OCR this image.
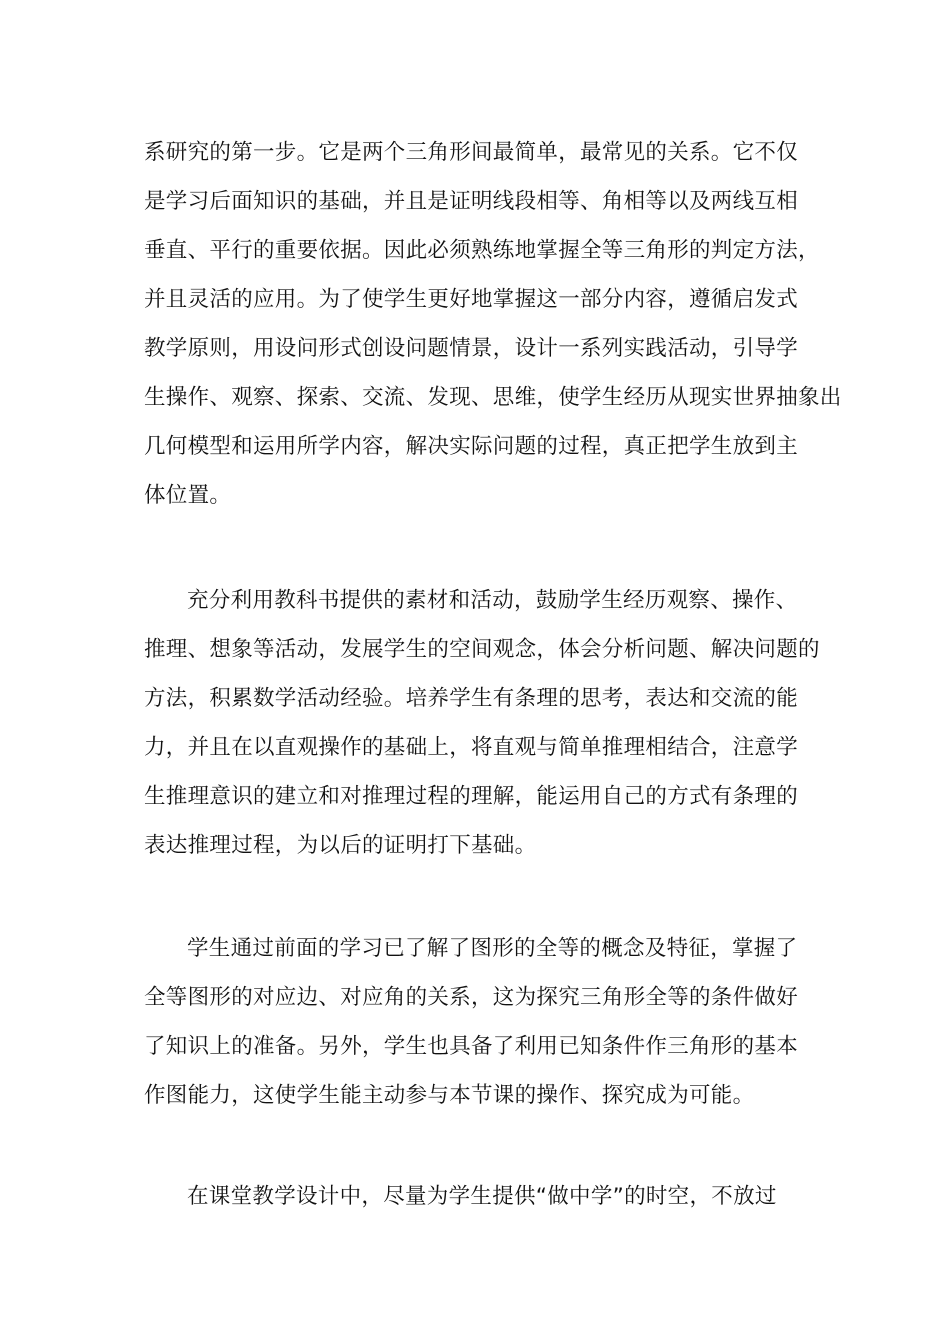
系研究的第一步。它是两个三角形间最简单，最常见的关系。它不仅
是学习后面知识的基础，并且是证明线段相等、角相等以及两线互相
垂直、平行的重要依据。因此必须熟练地掌握全等三角形的判定方法，
并且灵活的应用。为了使学生更好地掌握这一部分内容，遵循启发式
教学原则，用设问形式创设问题情景，设计一系列实践活动，引导学
生操作、观察、探索、交流、发现、思维，使学生经历从现实世界抽象出
几何模型和运用所学内容，解决实际问题的过程，真正把学生放到主
体位置。
充分利用教科书提供的素材和活动，鼓励学生经历观察、操作、
推理、想象等活动，发展学生的空间观念，体会分析问题、解决问题的
方法，积累数学活动经验。培养学生有条理的思考，表达和交流的能
力，并且在以直观操作的基础上，将直观与简单推理相结合，注意学
生推理意识的建立和对推理过程的理解，能运用自己的方式有条理的
表达推理过程，为以后的证明打下基础。
学生通过前面的学习已了解了图形的全等的概念及特征，掌握了
全等图形的对应边、对应角的关系，这为探究三角形全等的条件做好
了知识上的准备。另外，学生也具备了利用已知条件作三角形的基本
作图能力，这使学生能主动参与本节课的操作、探究成为可能。
在课堂教学设计中，尽量为学生提供“做中学”的时空，不放过
